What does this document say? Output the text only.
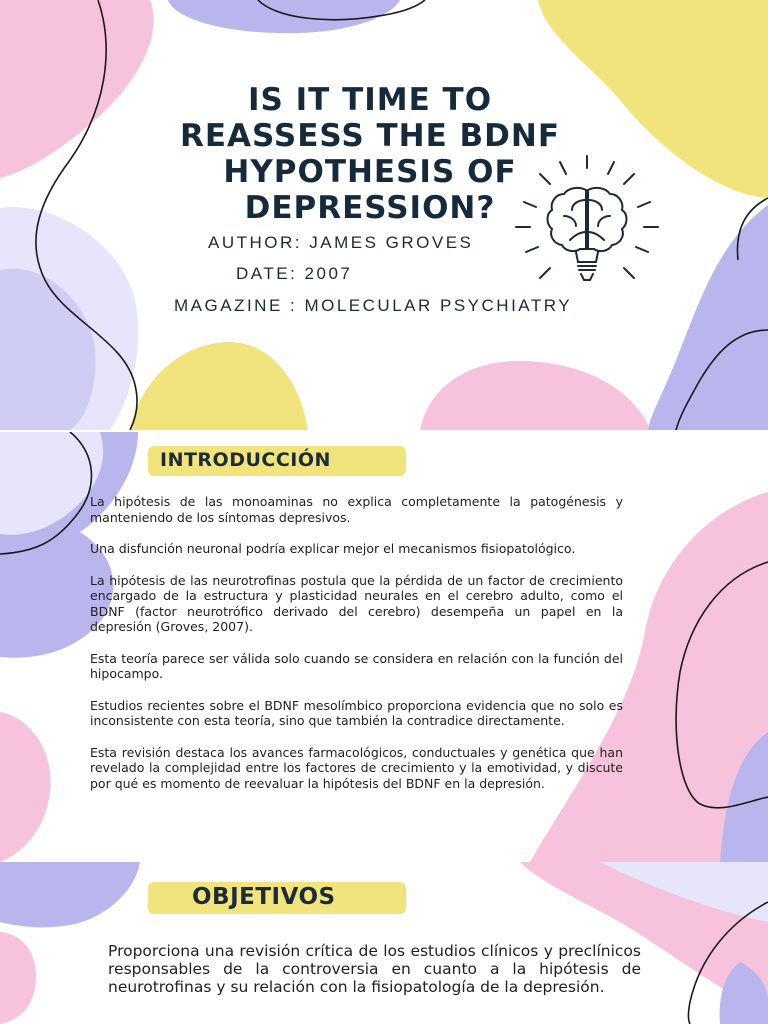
IS IT TIME TO REASSESS THE BDNF HYPOTHESIS OF DEPRESSION?
AUTHOR: JAMES GROVES
DATE: 2007
MAGAZINE : MOLECULAR PSYCHIATRY
INTRODUCCIÓN

La hipótesis de las monoaminas no explica completamente la patogénesis y manteniendo de los síntomas depresivos.

Una disfunción neuronal podría explicar mejor el mecanismos fisiopatológico.

La hipótesis de las neurotrofinas postula que la pérdida de un factor de crecimiento encargado de la estructura y plasticidad neurales en el cerebro adulto, como el BDNF (factor neurotrófico derivado del cerebro) desempeña un papel en la depresión (Groves, 2007).

Esta teoría parece ser válida solo cuando se considera en relación con la función del hipocampo.

Estudios recientes sobre el BDNF mesolímbico proporciona evidencia que no solo es inconsistente con esta teoría, sino que también la contradice directamente.

Esta revisión destaca los avances farmacológicos, conductuales y genética que han revelado la complejidad entre los factores de crecimiento y la emotividad, y discute por qué es momento de reevaluar la hipótesis del BDNF en la depresión.

OBJETIVOS
Proporciona una revisión crítica de los estudios clínicos y preclínicos responsables de la controversia en cuanto a la hipótesis de neurotrofinas y su relación con la fisiopatología de la depresión.
